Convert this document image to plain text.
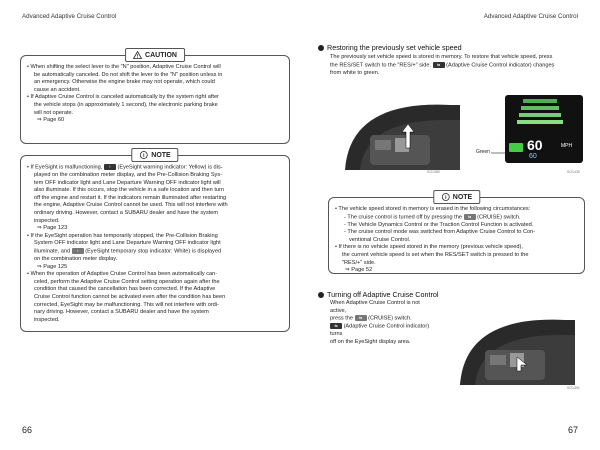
Advanced Adaptive Cruise Control	Advanced Adaptive Cruise Control
! CAUTION
• When shifting the select lever to the "N" position, Adaptive Cruise Control will
be automatically canceled. Do not shift the lever to the "N" position unless in
an emergency. Otherwise the engine brake may not operate, which could
cause an accident.
• If Adaptive Cruise Control is canceled automatically by the system right after
the vehicle stops (in approximately 1 second), the electronic parking brake
will not operate.
⇒ Page 60
i NOTE
• If EyeSight is malfunctioning, ! (EyeSight warning indicator: Yellow) is dis-
played on the combination meter display, and the Pre-Collision Braking Sys-
tem OFF indicator light and Lane Departure Warning OFF indicator light will
also illuminate. If this occurs, stop the vehicle in a safe location and then turn
off the engine and restart it. If the indicators remain illuminated after restarting
the engine, Adaptive Cruise Control cannot be used. This will not interfere with
ordinary driving. However, contact a SUBARU dealer and have the system
inspected.
⇒ Page 123
• If the EyeSight operation has temporarily stopped, the Pre-Collision Braking
System OFF indicator light and Lane Departure Warning OFF indicator light
illuminate, and ! (EyeSight temporary stop indicator: White) is displayed
on the combination meter display.
⇒ Page 125
• When the operation of Adaptive Cruise Control has been automatically can-
celed, perform the Adaptive Cruise Control setting operation again after the
condition that caused the cancellation has been corrected. If the Adaptive
Cruise Control function cannot be activated even after the condition has been
corrected, EyeSight may be malfunctioning. This will not interfere with ordi-
nary driving. However, contact a SUBARU dealer and have the system
inspected.
66
Restoring the previously set vehicle speed
The previously set vehicle speed is stored in memory. To restore that vehicle speed, press
the RES/SET switch to the "RES/+" side. ⇆ (Adaptive Cruise Control indicator) changes
from white to green.
60	MPH
60
Green
SO1380	SO1430
i NOTE
• The vehicle speed stored in memory is erased in the following circumstances:
- The cruise control is turned off by pressing the ⇆ (CRUISE) switch.
- The Vehicle Dynamics Control or the Traction Control Function is activated.
- The cruise control mode was switched from Adaptive Cruise Control to Con-
ventional Cruise Control.
• If there is no vehicle speed stored in the memory (previous vehicle speed),
the current vehicle speed is set when the RES/SET switch is pressed to the
"RES/+" side.
⇒ Page 52
Turning off Adaptive Cruise Control
When Adaptive Cruise Control is not active,
press the ⇆ (CRUISE) switch.
⇆ (Adaptive Cruise Control indicator) turns
off on the EyeSight display area.
SO1391
67
